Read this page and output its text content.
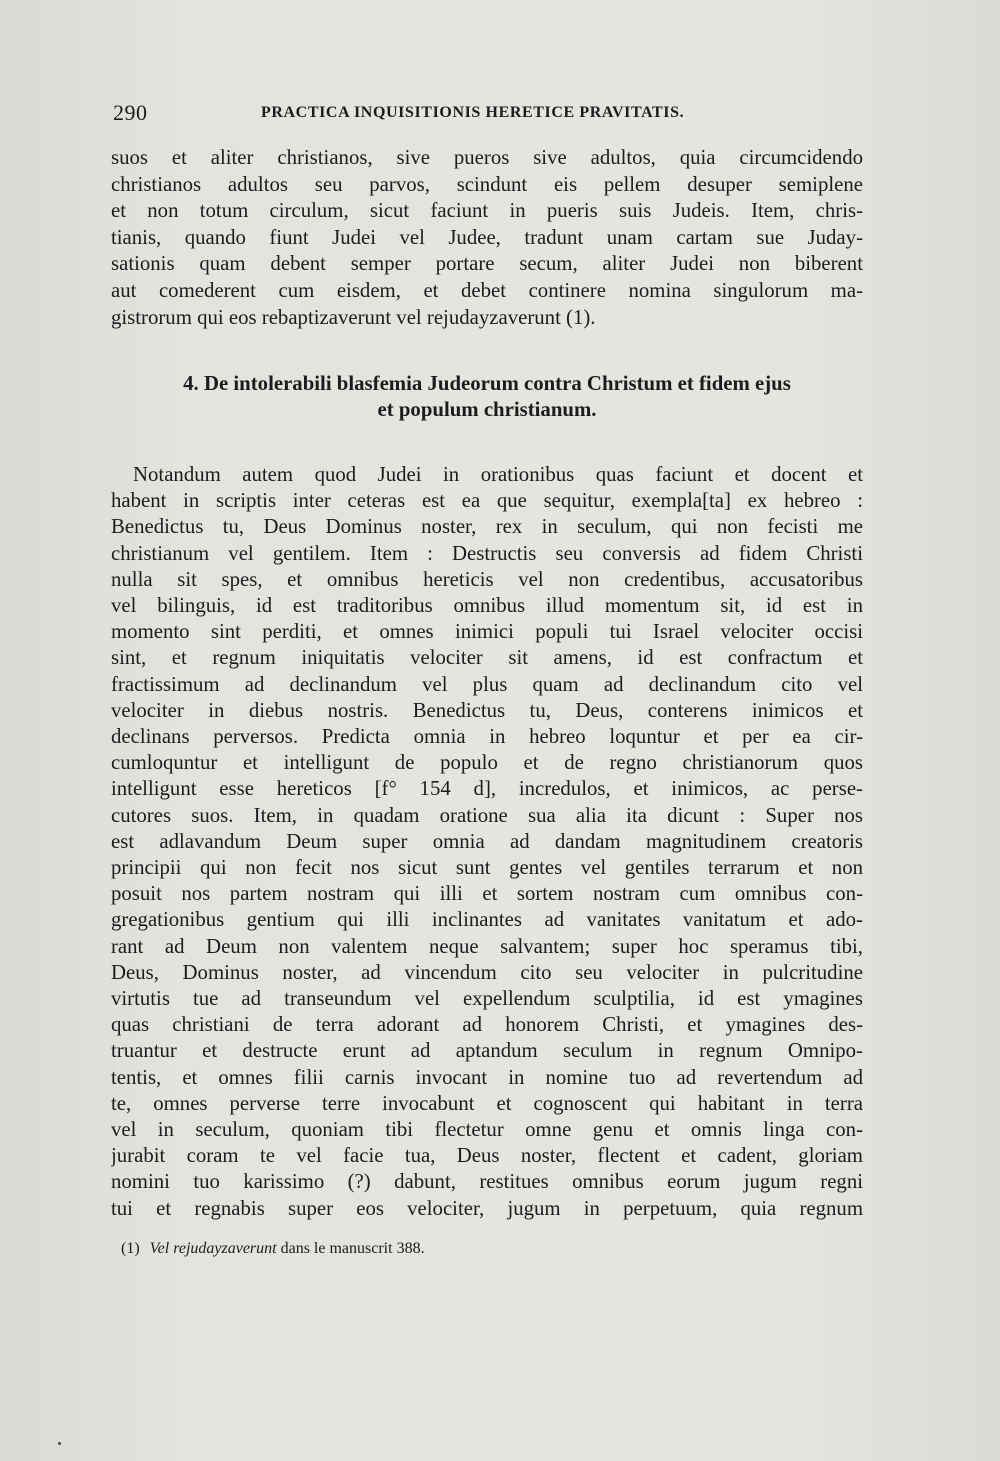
290	PRACTICA INQUISITIONIS HERETICE PRAVITATIS.
suos et aliter christianos, sive pueros sive adultos, quia circumcidendo
christianos adultos seu parvos, scindunt eis pellem desuper semiplene
et non totum circulum, sicut faciunt in pueris suis Judeis. Item, chris-
tianis, quando fiunt Judei vel Judee, tradunt unam cartam sue Juday-
sationis quam debent semper portare secum, aliter Judei non biberent
aut comederent cum eisdem, et debet continere nomina singulorum ma-
gistrorum qui eos rebaptizaverunt vel rejudayzaverunt (1).
4. De intolerabili blasfemia Judeorum contra Christum et fidem ejus
et populum christianum.
Notandum autem quod Judei in orationibus quas faciunt et docent et
habent in scriptis inter ceteras est ea que sequitur, exempla[ta] ex hebreo :
Benedictus tu, Deus Dominus noster, rex in seculum, qui non fecisti me
christianum vel gentilem. Item : Destructis seu conversis ad fidem Christi
nulla sit spes, et omnibus hereticis vel non credentibus, accusatoribus
vel bilinguis, id est traditoribus omnibus illud momentum sit, id est in
momento sint perditi, et omnes inimici populi tui Israel velociter occisi
sint, et regnum iniquitatis velociter sit amens, id est confractum et
fractissimum ad declinandum vel plus quam ad declinandum cito vel
velociter in diebus nostris. Benedictus tu, Deus, conterens inimicos et
declinans perversos. Predicta omnia in hebreo loquntur et per ea cir-
cumloquntur et intelligunt de populo et de regno christianorum quos
intelligunt esse hereticos [f° 154 d], incredulos, et inimicos, ac perse-
cutores suos. Item, in quadam oratione sua alia ita dicunt : Super nos
est adlavandum Deum super omnia ad dandam magnitudinem creatoris
principii qui non fecit nos sicut sunt gentes vel gentiles terrarum et non
posuit nos partem nostram qui illi et sortem nostram cum omnibus con-
gregationibus gentium qui illi inclinantes ad vanitates vanitatum et ado-
rant ad Deum non valentem neque salvantem; super hoc speramus tibi,
Deus, Dominus noster, ad vincendum cito seu velociter in pulcritudine
virtutis tue ad transeundum vel expellendum sculptilia, id est ymagines
quas christiani de terra adorant ad honorem Christi, et ymagines des-
truantur et destructe erunt ad aptandum seculum in regnum Omnipo-
tentis, et omnes filii carnis invocant in nomine tuo ad revertendum ad
te, omnes perverse terre invocabunt et cognoscent qui habitant in terra
vel in seculum, quoniam tibi flectetur omne genu et omnis linga con-
jurabit coram te vel facie tua, Deus noster, flectent et cadent, gloriam
nomini tuo karissimo (?) dabunt, restitues omnibus eorum jugum regni
tui et regnabis super eos velociter, jugum in perpetuum, quia regnum
(1) Vel rejudayzaverunt dans le manuscrit 388.
